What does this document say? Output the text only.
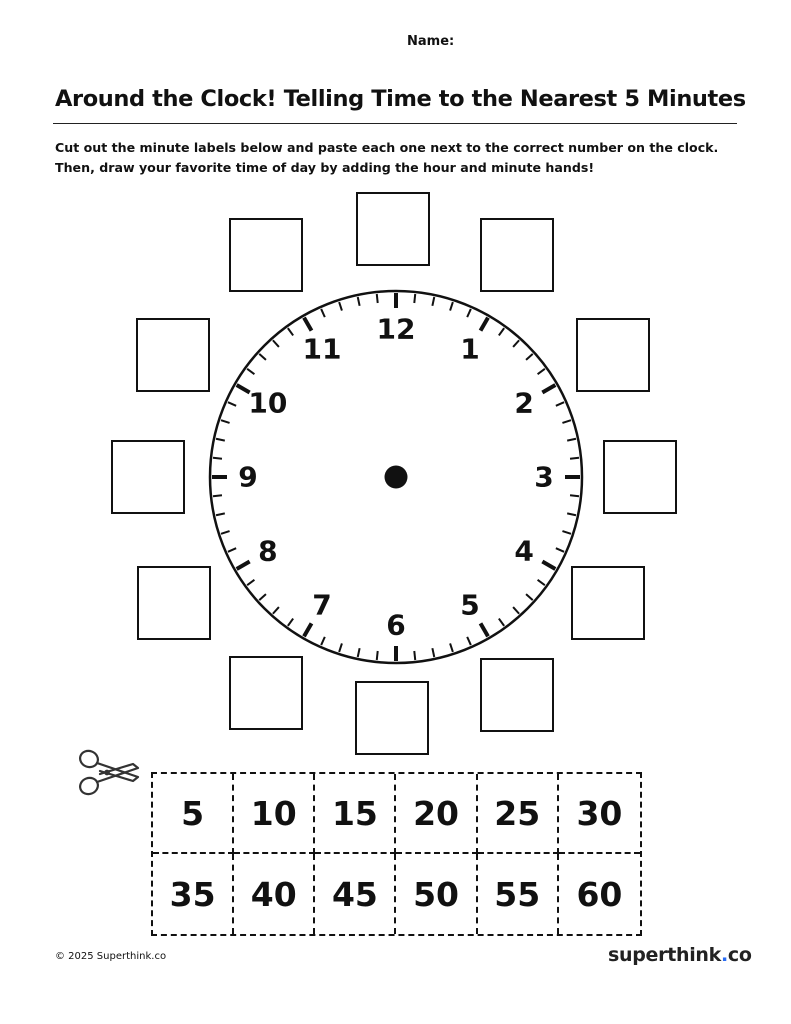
Name:
Around the Clock! Telling Time to the Nearest 5 Minutes
Cut out the minute labels below and paste each one next to the correct number on the clock.
Then, draw your favorite time of day by adding the hour and minute hands!
12
1
2
3
4
5
6
7
8
9
10
11
5	10	15	20	25	30
35	40	45	50	55	60
© 2025 Superthink.co	superthink.co
